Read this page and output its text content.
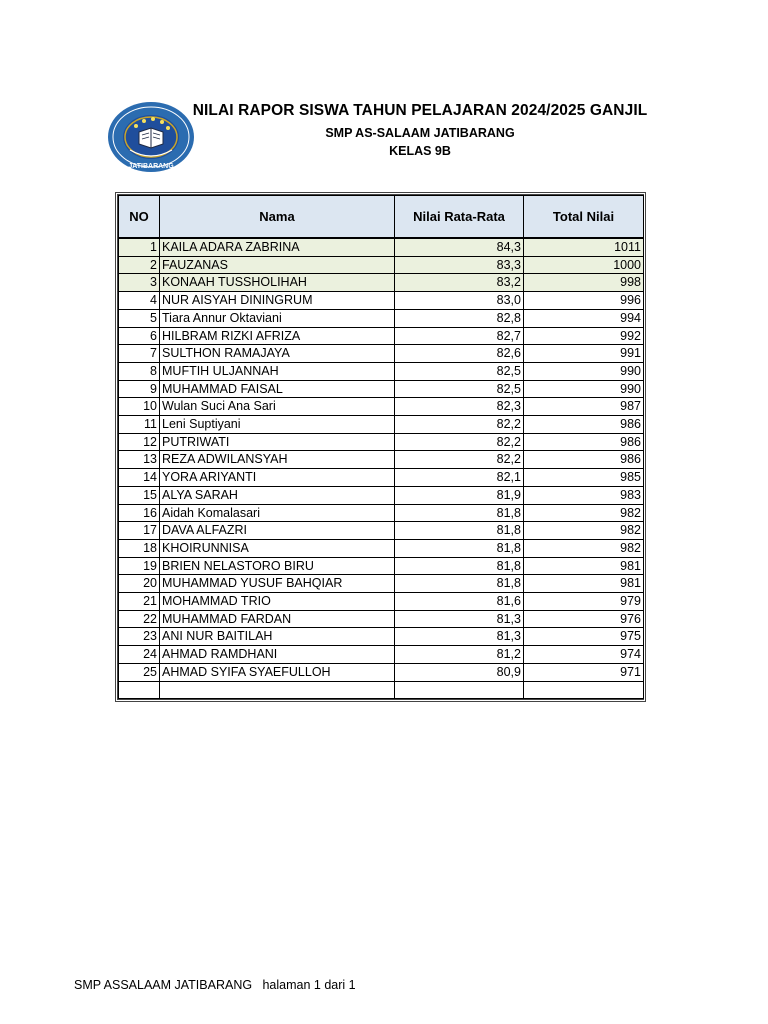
JATIBARANG
NILAI RAPOR SISWA TAHUN PELAJARAN 2024/2025 GANJIL
SMP AS-SALAAM JATIBARANG
KELAS 9B
NO	Nama	Nilai Rata-Rata	Total Nilai
1	KAILA ADARA ZABRINA	84,3	1011
2	FAUZANAS	83,3	1000
3	KONAAH TUSSHOLIHAH	83,2	998
4	NUR AISYAH DININGRUM	83,0	996
5	Tiara Annur Oktaviani	82,8	994
6	HILBRAM RIZKI AFRIZA	82,7	992
7	SULTHON RAMAJAYA	82,6	991
8	MUFTIH ULJANNAH	82,5	990
9	MUHAMMAD FAISAL	82,5	990
10	Wulan Suci Ana Sari	82,3	987
11	Leni Suptiyani	82,2	986
12	PUTRIWATI	82,2	986
13	REZA ADWILANSYAH	82,2	986
14	YORA ARIYANTI	82,1	985
15	ALYA SARAH	81,9	983
16	Aidah Komalasari	81,8	982
17	DAVA ALFAZRI	81,8	982
18	KHOIRUNNISA	81,8	982
19	BRIEN NELASTORO BIRU	81,8	981
20	MUHAMMAD YUSUF BAHQIAR	81,8	981
21	MOHAMMAD TRIO	81,6	979
22	MUHAMMAD FARDAN	81,3	976
23	ANI NUR BAITILAH	81,3	975
24	AHMAD RAMDHANI	81,2	974
25	AHMAD SYIFA SYAEFULLOH	80,9	971

SMP ASSALAAM JATIBARANG   halaman 1 dari 1
